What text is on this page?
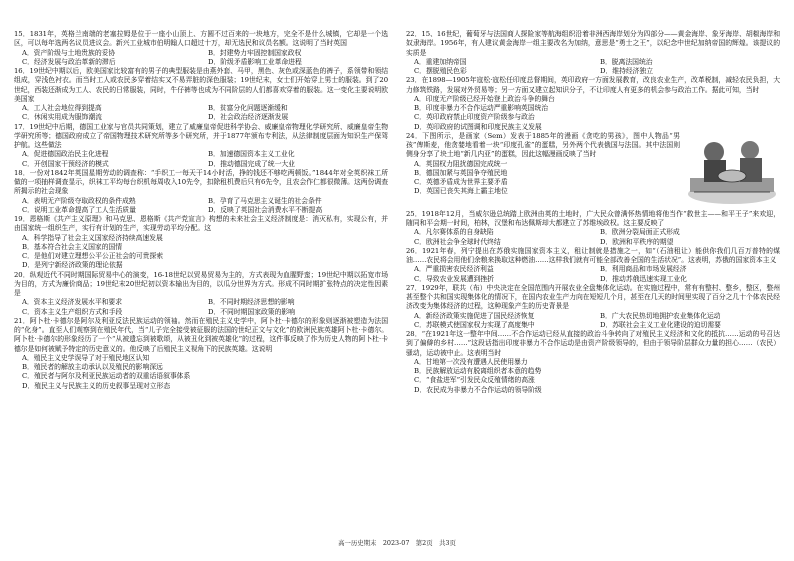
15．1831年，英格兰南端的老塞拉姆是位于一座小山顶上、方圆不过百来的一块地方，完全不是什么城镇，它却是一个选区，可以每年选两名议员进议会。新兴工业城市伯明翰人口超过十万，却无选民和议员名额。这说明了当时英国
A．资产阶级与土地贵族的妥协	B．封建势力牢固控制国家政权
C．经济发展与政治革新的滞后	D．阶级矛盾影响工业革命进程
16．19世纪中期以后，欧美国家比较富有的男子的典型服装是由燕外套、马甲，黑色、灰色或深蓝色的裤子，系领带和领结组成，穿浅色衬衣。而当时工人或农民多穿着结实又不易弄脏的深色服装；19世纪末，女士们开始穿上男士的服装。到了20世纪，西装还渐成为工人、农民的日常服装，同时，牛仔裤等也成为不同阶层的人们都喜欢穿着的服装。这一变化主要说明欧美国家
A．工人社会地位得到提高	B．贫富分化问题逐渐缓和
C．休闲实用成为服饰潮流	D．社会政治经济逐渐发展
17．19世纪中后期，德国工业家与官员共同策划，建立了威廉皇帝促进科学协会、威廉皇帝物理化学研究所、威廉皇帝生物学研究所等；德国政府成立了帝国物理技术研究所等多个研究所，并于1877年颁布专利法，从法律制度层面为知识生产保驾护航。这些做法
A．促进德国政治民主化进程	B．加速德国资本主义工业化
C．开创国家干预经济的模式	D．推动德国完成了统一大业
18．一份对1842年英国星期劳动的调查称：“手织工一每天干14小时活，挣的钱还不够吃两顿饭。”1844年对全英织袜工所做的一项抽样调查显示，织袜工平均每台织机每周收入10先令，扣除租机费后只有6先令，且农会作仁都很微薄。这两份调查所揭示的社会现象
A．表明无产阶级夺取政权的条件成熟	B．孕育了马克思主义诞生的社会条件
C．说明工业革命提高了工人生活质量	D．反映了英国社会消费水平不断提高
19．恩格斯《共产主义原理》和马克思、恩格斯《共产党宣言》构想的未来社会主义经济制度是：消灭私有，实现公有，并由国家统一组织生产，实行有计划的生产，实现劳动平均分配。这
A．科学指导了社会主义国家经济持续高速发展
B．基本符合社会主义国家的国情
C．是他们对建立理想公平公正社会的可贵探索
D．是列宁新经济政策的理论依据
20．纵观近代不同时期国际贸易中心的演变，16-18世纪以贸易贸易为主的，方式表现为血腥野蛮；19世纪中期以拓宽市场为目的，方式为廉价商品；19世纪末20世纪初以资本输出为目的，以瓜分世界为方式。形成不同时期扩张特点的决定性因素是
A．资本主义经济发展水平和要求	B．不同时期经济思想的影响
C．资本主义生产组织方式和手段	D．不同时期国家政策的影响
21．阿卜杜·卡德尔是阿尔及利亚反法民族运动的领袖。然而在殖民主义史学中，阿卜杜·卡德尔的形象则逐渐被塑造为法国的“化身”。直至人们观察到在殖民年代，当“儿子完全接受被征服的法国的世纪正文与文化”的欧洲民族英雄阿卜杜·卡德尔。阿卜杜·卡德尔的形象经历了一个“从被遗忘到被歌颂，从被丑化到被英雄化”的过程，这件事反映了作为历史人物的阿卜杜·卡德尔是如何被赋予特定的历史意义的。他反映了后殖民主义视角下的民族英雄。这说明
A．殖民主义史学误导了对于殖民地区认知
B．殖民者的解放主动承认以及殖民的影响深远
C．殖民者与阿尔及利亚民族运动者的双重话语叙事体系
D．殖民主义与民族主义的历史叙事呈现对立形态
22．15、16世纪，葡萄牙与法国商人探险家等航海组织沿着非洲西海岸划分为四部分——黄金海岸、象牙海岸、胡椒海岸和奴隶海岸。1956年，有人建议黄金海岸一组主要改名为加纳，意思是“勇士之王”，以纪念中世纪加纳帝国的辉煌。该提议的实质是
A．重建加纳帝国	B．脱离法国统治
C．摆脱殖民色彩	D．维持经济独立
23．在1898—1905年寇松·寇松任印度总督期间，英印政府一方面发展教育，改良农业生产，改革税制，减轻农民负担，大力修筑铁路，发展对外贸易等；另一方面又建立起知识分子，不让印度人有更多的机会参与政治工作。据此可知，当时
A．印度无产阶级已经开始登上政治斗争的舞台
B．印度非暴力不合作运动严重影响英国统治
C．英印政府禁止印度资产阶级参与政治
D．英印政府的试图调和印度民族主义发展
24．下图所示，是画家（Sem）发表于1885年的漫画《贪吃的男孩》，图中人物品“男孩”俾斯麦，他贪婪地看着一块“印度孔雀”的蛋糕，另外两个代表俄国与法国。其中法国则侧身分享了块土地“新几内亚”的蛋糕，因此这幅漫画反映了当时
A．英国权力阻扰德国完成统一
B．德国加紧与英国争夺殖民地
C．英德矛盾成为世界主要矛盾
D．英国已丧失其海上霸主地位
25．1918年12月，当威尔逊总统踏上欧洲由英的土地时，广大民众曾满怀热情地将他当作“救世主——和平王子”来欢迎，随同和平会期一时间，柏林，汉堡和布达佩斯却大都建立了苏维埃政权。这主要反映了
A．凡尔赛体系的自身缺陷	B．欧洲分裂局面正式形成
C．欧洲社会争全球时代终结	D．欧洲和平秩序的期望
26．1921年春，列宁提出在苏俄实施国家资本主义，租让制就是措施之一，如“（石油租让）能供你我们几百万普特的煤油……农民将会用他们余粮来换取这种燃油……这样我们就有可能全部改善全国的生活状况”。这表明，苏俄的国家资本主义
A．严重损害农民经济利益	B．利用商品和市场发展经济
C．导致农业发展遭到挫折	D．推动苏俄迅速实现工业化
27．1929年，联共（布）中央决定在全国范围内开展农业全盘集体化运动。在实施过程中，常有有整村、整乡，整区，整州甚至整个共和国实现集体化的情况下，在国内农业生产力向在短短几个月，甚至在几天的时间里实现了百分之几十个体农民经济改变为集体经济的过程，这种现象产生的历史背景是
A．新经济政策实施促进了国民经济恢复	B．广大农民热切地拥护农业集体化运动
C．苏联模式使国家权力实现了高度集中	D．苏联社会主义工业化建设的迫切需要
28．“在1921年这一整年中间……不合作运动已经从直接的政治斗争转向了对殖民主义经济和文化的抵抗……运动的号召达到了偏僻的乡村……”这段话指出印度非暴力不合作运动是由资产阶级领导的，但由于领导阶层群众力量的担心……（农民）骚动，运动被中止。这表明当时
A．甘地第一次没有遭遇人民使用暴力
B．民族解放运动有脱离组织者本意的趋势
C．“食盐进军”引发民众反殖情绪的高涨
D．农民成为非暴力不合作运动的领导阶级
高一历史期末　2023-07　第2页　共3页
